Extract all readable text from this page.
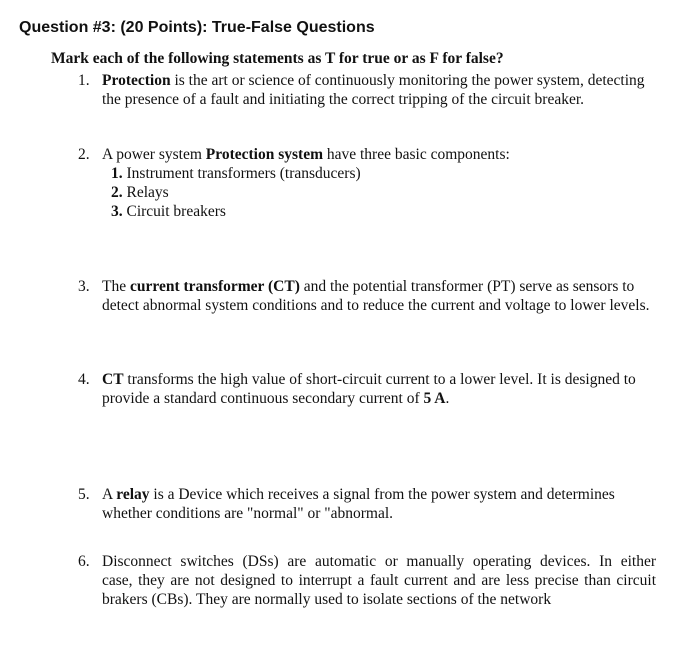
Question #3: (20 Points): True-False Questions
Mark each of the following statements as T for true or as F for false?
1. Protection is the art or science of continuously monitoring the power system, detecting
the presence of a fault and initiating the correct tripping of the circuit breaker.
2. A power system Protection system have three basic components:
1. Instrument transformers (transducers)
2. Relays
3. Circuit breakers
3. The current transformer (CT) and the potential transformer (PT) serve as sensors to
detect abnormal system conditions and to reduce the current and voltage to lower levels.
4. CT transforms the high value of short-circuit current to a lower level. It is designed to
provide a standard continuous secondary current of 5 A.
5. A relay is a Device which receives a signal from the power system and determines
whether conditions are "normal" or "abnormal.
6. Disconnect switches (DSs) are automatic or manually operating devices. In either
case, they are not designed to interrupt a fault current and are less precise than circuit
brakers (CBs). They are normally used to isolate sections of the network
